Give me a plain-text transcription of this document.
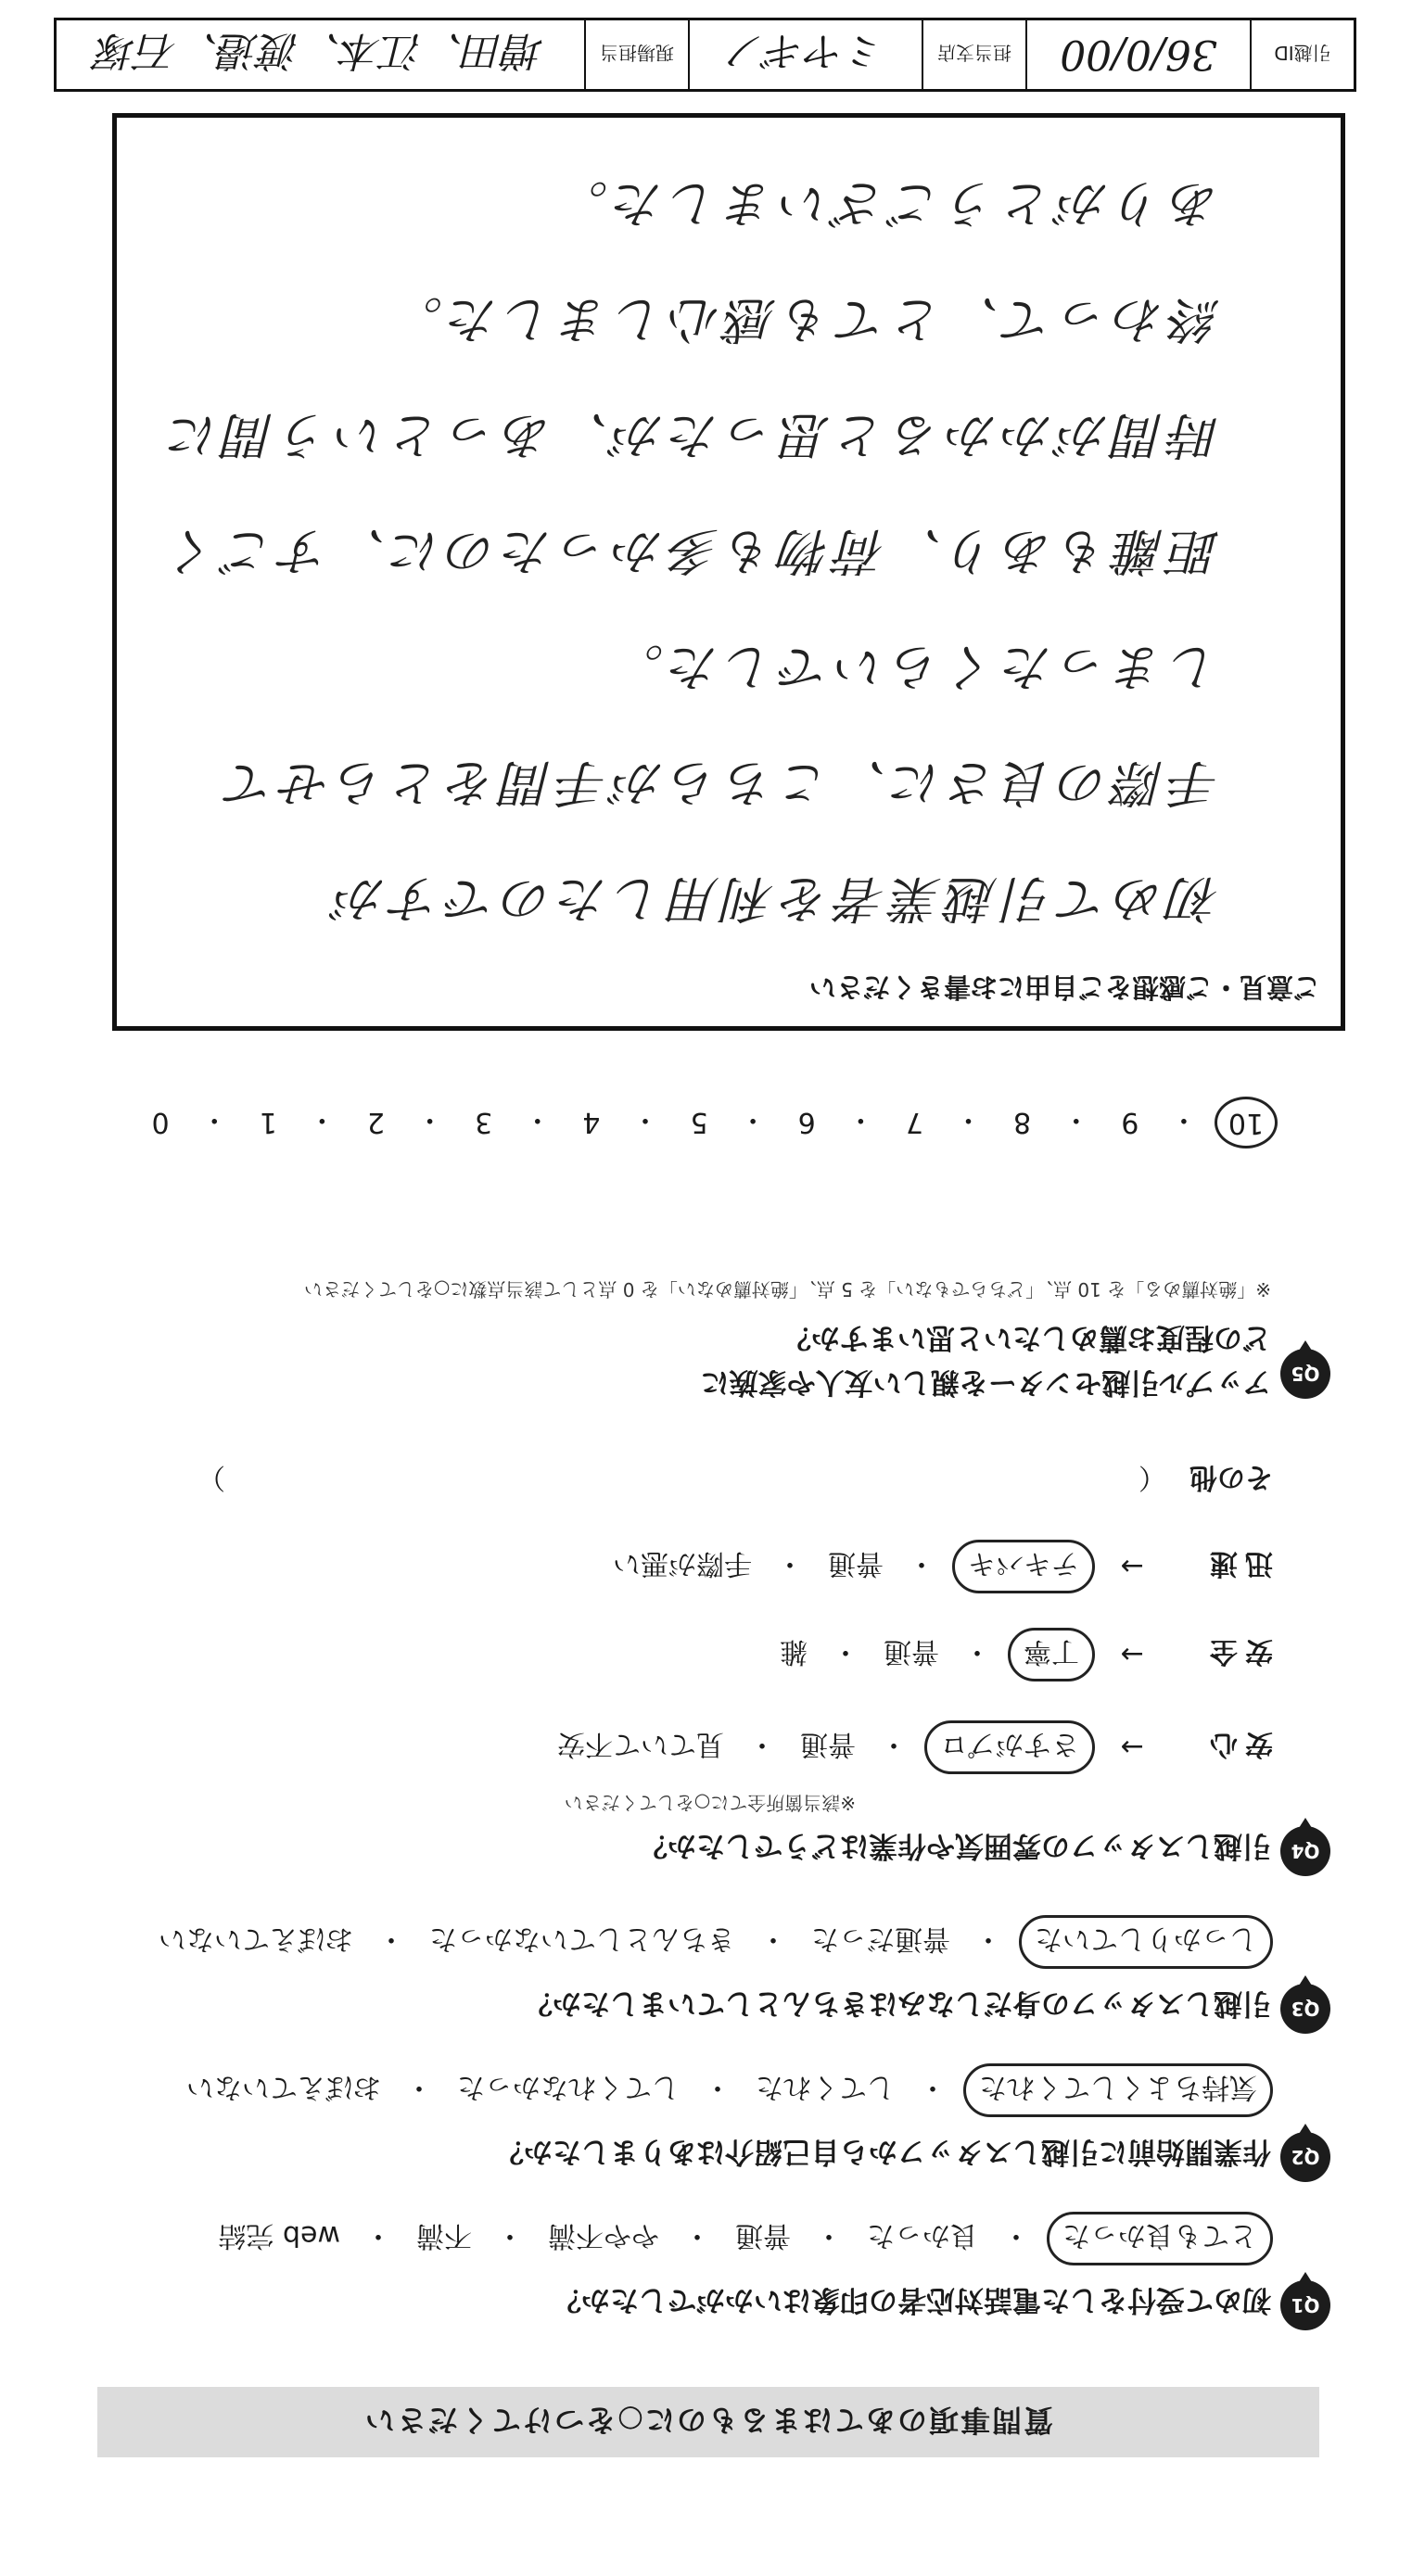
質問事項のあてはまるものに○をつけてください
Q1
初めて受付をした電話対応者の印象はいかがでしたか？
とても良かった
・
良かった
・
普通
・
やや不満
・
不満
・
web 完結
Q2
作業開始前に引越しスタッフから自己紹介はありましたか？
気持ちよくしてくれた
・
してくれた
・
してくれなかった
・
おぼえていない
Q3
引越しスタッフの身だしなみはきちんとしていましたか？
しっかりしていた
・
普通だった
・
きちんとしていなかった
・
おぼえていない
Q4
引越しスタッフの雰囲気や作業はどうでしたか？
※該当箇所全てに○をしてください
安心
→
さすがプロ
・
普通
・
見ていて不安
安全
→
丁寧
・
普通
・
雑
迅速
→
テキパキ
・
普通
・
手際が悪い
その他
（
）
Q5
アップル引越センターを親しい友人や家族に
どの程度お薦めしたいと思いますか？
※「絶対薦める」を 10 点、「どちらでもない」を 5 点、「絶対薦めない」を 0 点として該当点数に○をしてください
10
・
9
・
8
・
7
・
6
・
5
・
4
・
3
・
2
・
1
・
0
ご意見・ご感想をご自由にお書きください
初めて引越業者を利用したのですが
手際の良さに、こちらが手間をとらせて
しまったくらいでした。
距離もあり、荷物も多かったのに、すごく
時間がかかると思ったが、あっという間に
終わって、とても感心しました。
ありがとうございました。
引越ID
36/0/00
担当支店
ミヤギノ
現場担当
増田、江本、渡邉、石塚
